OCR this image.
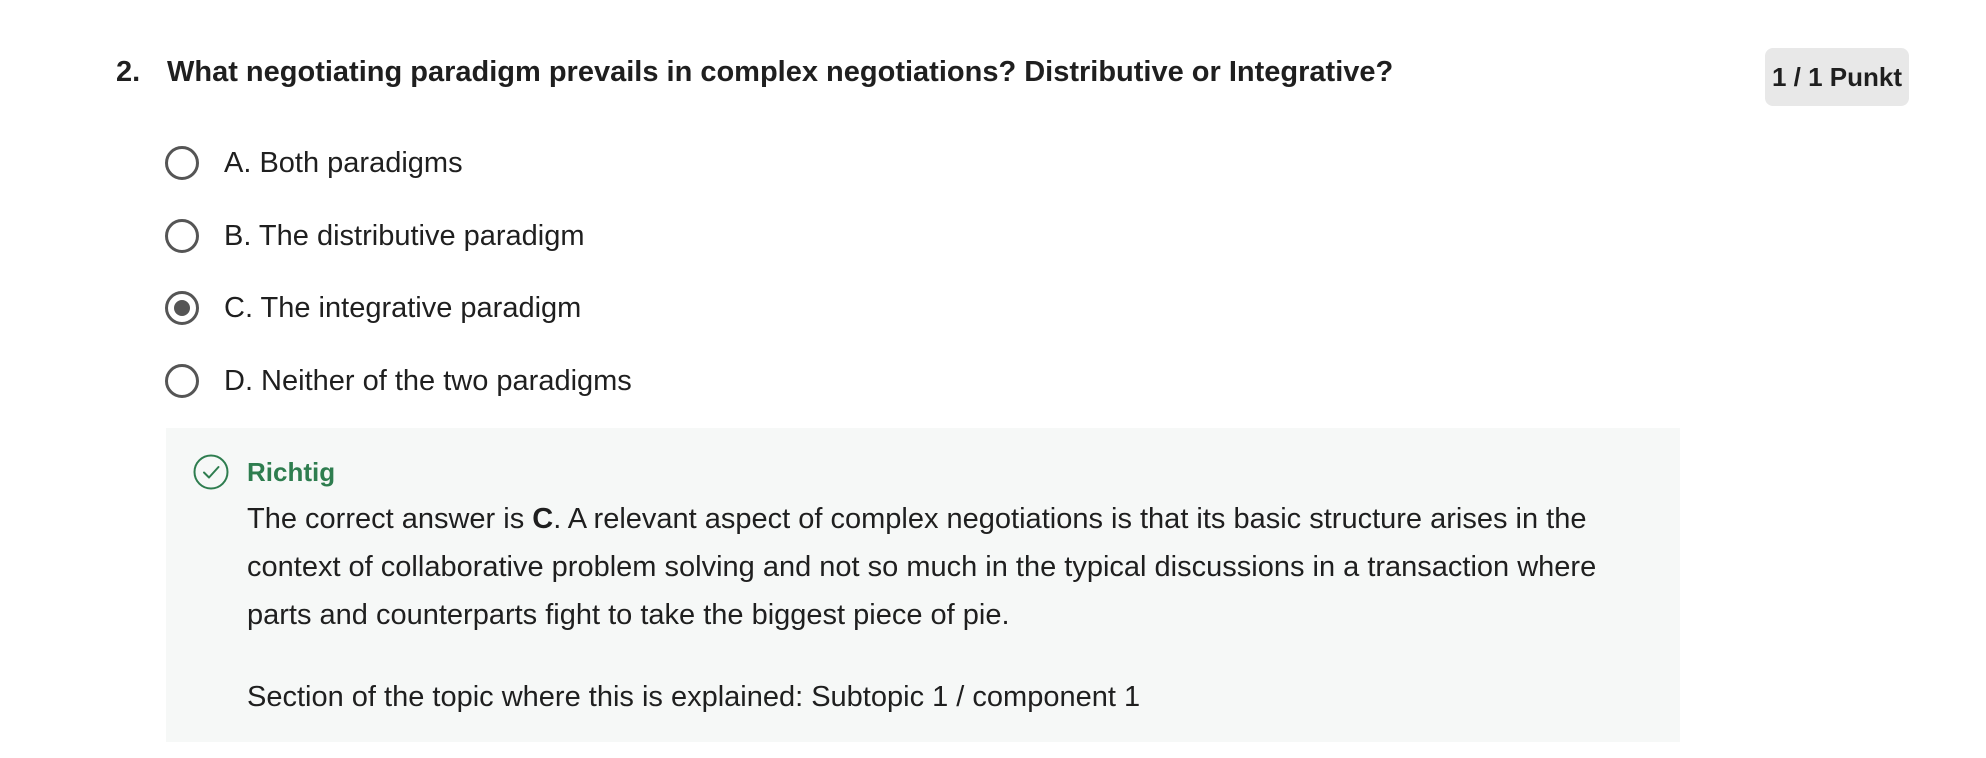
2. What negotiating paradigm prevails in complex negotiations? Distributive or Integrative?	1 / 1 Punkt
A. Both paradigms
B. The distributive paradigm
C. The integrative paradigm
D. Neither of the two paradigms
Richtig
The correct answer is C. A relevant aspect of complex negotiations is that its basic structure arises in the context of collaborative problem solving and not so much in the typical discussions in a transaction where parts and counterparts fight to take the biggest piece of pie.
Section of the topic where this is explained: Subtopic 1 / component 1
